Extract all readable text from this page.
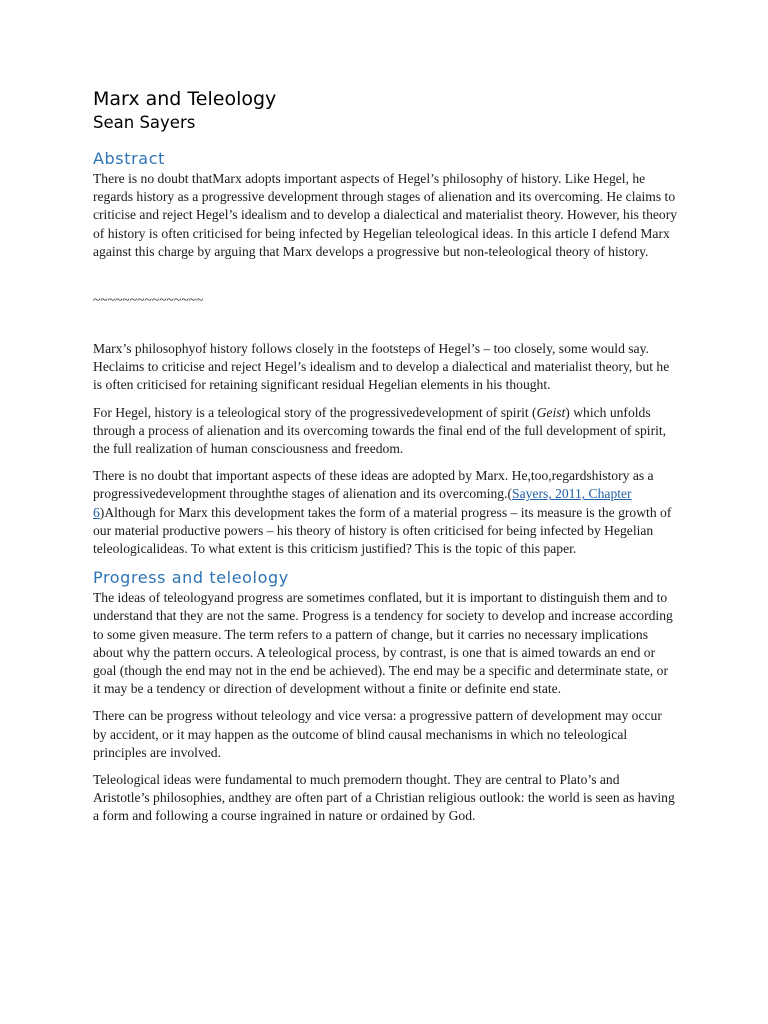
Marx and Teleology
Sean Sayers
Abstract

There is no doubt thatMarx adopts important aspects of Hegel’s philosophy of history. Like Hegel, he regards history as a progressive development through stages of alienation and its overcoming. He claims to criticise and reject Hegel’s idealism and to develop a dialectical and materialist theory. However, his theory of history is often criticised for being infected by Hegelian teleological ideas. In this article I defend Marx against this charge by arguing that Marx develops a progressive but non-teleological theory of history.

~~~~~~~~~~~~~~~

Marx’s philosophyof history follows closely in the footsteps of Hegel’s – too closely, some would say. Heclaims to criticise and reject Hegel’s idealism and to develop a dialectical and materialist theory, but he is often criticised for retaining significant residual Hegelian elements in his thought.

For Hegel, history is a teleological story of the progressivedevelopment of spirit (Geist) which unfolds through a process of alienation and its overcoming towards the final end of the full development of spirit, the full realization of human consciousness and freedom.

There is no doubt that important aspects of these ideas are adopted by Marx. He,too,regardshistory as a progressivedevelopment throughthe stages of alienation and its overcoming.(Sayers, 2011, Chapter 6)Although for Marx this development takes the form of a material progress – its measure is the growth of our material productive powers – his theory of history is often criticised for being infected by Hegelian teleologicalideas. To what extent is this criticism justified? This is the topic of this paper.

Progress and teleology

The ideas of teleologyand progress are sometimes conflated, but it is important to distinguish them and to understand that they are not the same. Progress is a tendency for society to develop and increase according to some given measure. The term refers to a pattern of change, but it carries no necessary implications about why the pattern occurs. A teleological process, by contrast, is one that is aimed towards an end or goal (though the end may not in the end be achieved). The end may be a specific and determinate state, or it may be a tendency or direction of development without a finite or definite end state.

There can be progress without teleology and vice versa: a progressive pattern of development may occur by accident, or it may happen as the outcome of blind causal mechanisms in which no teleological principles are involved.

Teleological ideas were fundamental to much premodern thought. They are central to Plato’s and Aristotle’s philosophies, andthey are often part of a Christian religious outlook: the world is seen as having a form and following a course ingrained in nature or ordained by God.
